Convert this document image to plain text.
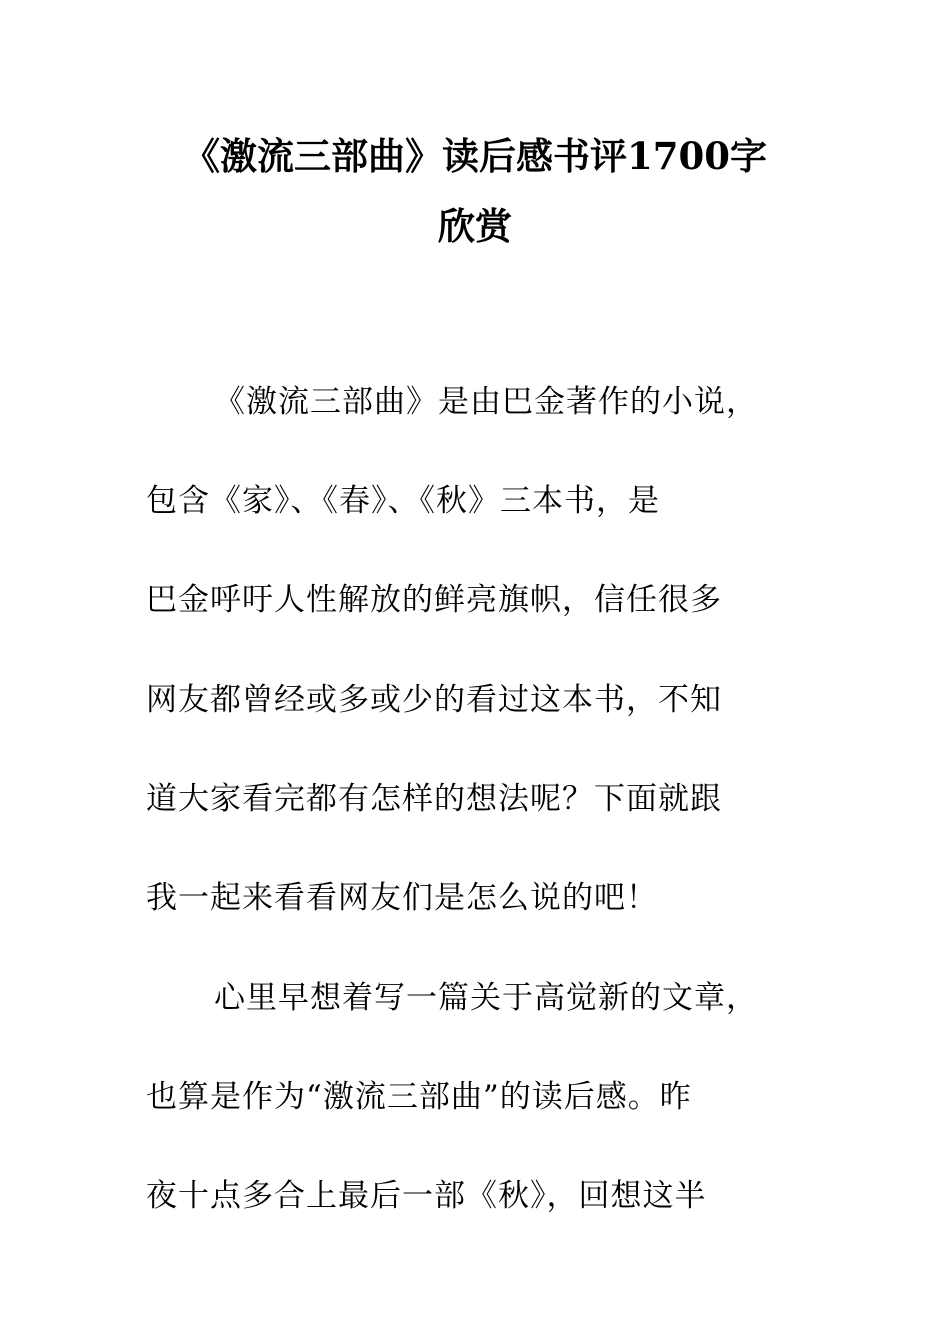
《激流三部曲》读后感书评1700字
欣赏
《激流三部曲》是由巴金著作的小说，
包含《家》、《春》、《秋》三本书，是
巴金呼吁人性解放的鲜亮旗帜，信任很多
网友都曾经或多或少的看过这本书，不知
道大家看完都有怎样的想法呢？下面就跟
我一起来看看网友们是怎么说的吧！
心里早想着写一篇关于高觉新的文章，
也算是作为“激流三部曲”的读后感。昨
夜十点多合上最后一部《秋》，回想这半
